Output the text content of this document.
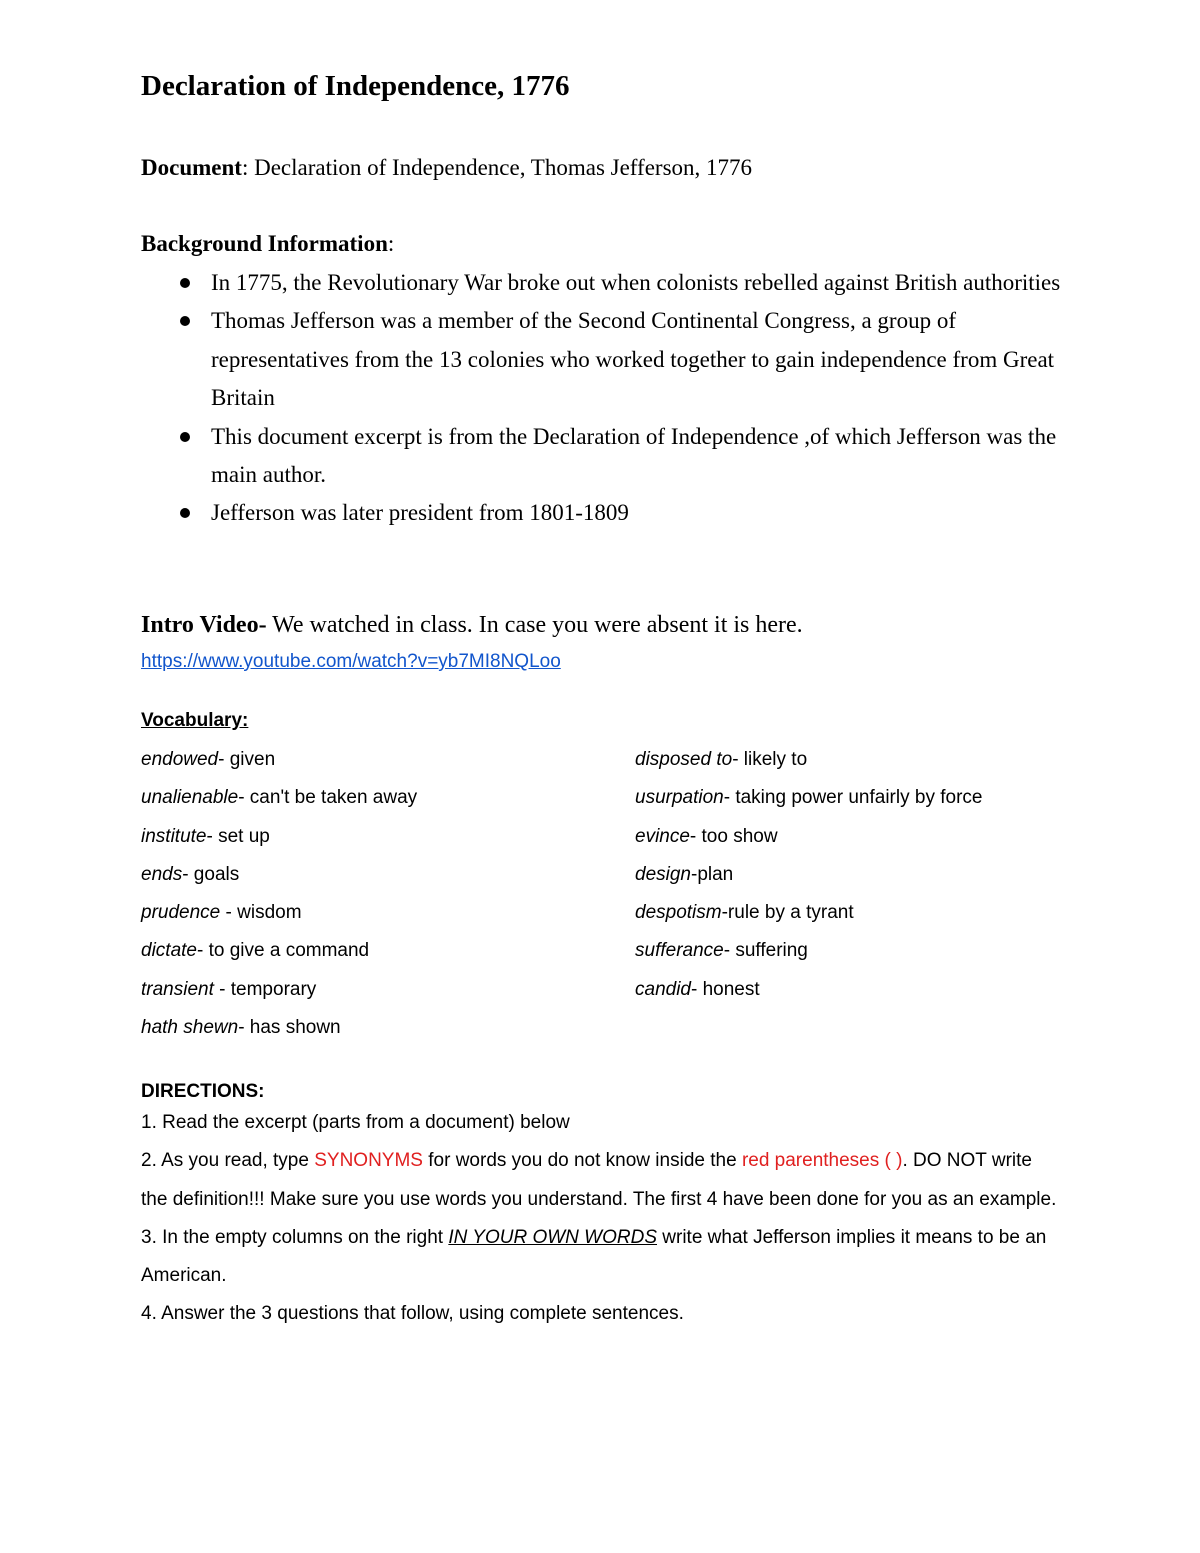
Declaration of Independence, 1776
Document: Declaration of Independence, Thomas Jefferson, 1776
Background Information:
In 1775, the Revolutionary War broke out when colonists rebelled against British authorities
Thomas Jefferson was a member of the Second Continental Congress, a group of representatives from the 13 colonies who worked together to gain independence from Great Britain
This document excerpt is from the Declaration of Independence ,of which Jefferson was the main author.
Jefferson was later president from 1801-1809
Intro Video- We watched in class. In case you were absent it is here.
https://www.youtube.com/watch?v=yb7MI8NQLoo
Vocabulary:
endowed- given
unalienable- can't be taken away
institute- set up
ends- goals
prudence - wisdom
dictate- to give a command
transient - temporary
hath shewn- has shown
disposed to- likely to
usurpation- taking power unfairly by force
evince- too show
design-plan
despotism-rule by a tyrant
sufferance- suffering
candid- honest
DIRECTIONS:

1. Read the excerpt (parts from a document) below

2. As you read, type SYNONYMS for words you do not know inside the red parentheses ( ). DO NOT write the definition!!! Make sure you use words you understand. The first 4 have been done for you as an example.

3. In the empty columns on the right IN YOUR OWN WORDS write what Jefferson implies it means to be an American.

4. Answer the 3 questions that follow, using complete sentences.
